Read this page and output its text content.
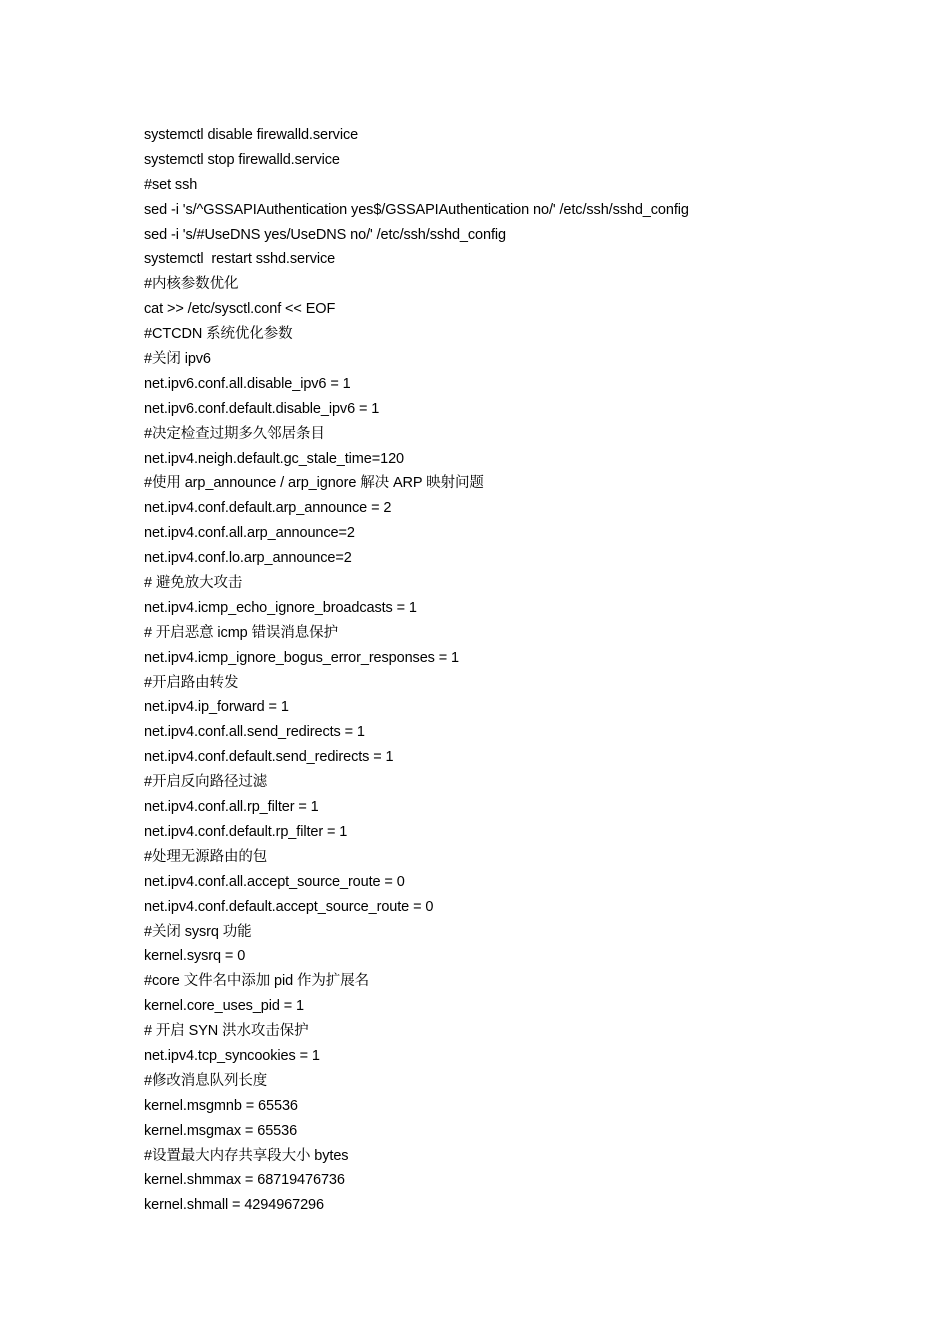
systemctl disable firewalld.service
systemctl stop firewalld.service
#set ssh
sed -i 's/^GSSAPIAuthentication yes$/GSSAPIAuthentication no/' /etc/ssh/sshd_config
sed -i 's/#UseDNS yes/UseDNS no/' /etc/ssh/sshd_config
systemctl  restart sshd.service
#内核参数优化
cat >> /etc/sysctl.conf << EOF
#CTCDN 系统优化参数
#关闭 ipv6
net.ipv6.conf.all.disable_ipv6 = 1
net.ipv6.conf.default.disable_ipv6 = 1
#决定检查过期多久邻居条目
net.ipv4.neigh.default.gc_stale_time=120
#使用 arp_announce / arp_ignore 解决 ARP 映射问题
net.ipv4.conf.default.arp_announce = 2
net.ipv4.conf.all.arp_announce=2
net.ipv4.conf.lo.arp_announce=2
# 避免放大攻击
net.ipv4.icmp_echo_ignore_broadcasts = 1
# 开启恶意 icmp 错误消息保护
net.ipv4.icmp_ignore_bogus_error_responses = 1
#开启路由转发
net.ipv4.ip_forward = 1
net.ipv4.conf.all.send_redirects = 1
net.ipv4.conf.default.send_redirects = 1
#开启反向路径过滤
net.ipv4.conf.all.rp_filter = 1
net.ipv4.conf.default.rp_filter = 1
#处理无源路由的包
net.ipv4.conf.all.accept_source_route = 0
net.ipv4.conf.default.accept_source_route = 0
#关闭 sysrq 功能
kernel.sysrq = 0
#core 文件名中添加 pid 作为扩展名
kernel.core_uses_pid = 1
# 开启 SYN 洪水攻击保护
net.ipv4.tcp_syncookies = 1
#修改消息队列长度
kernel.msgmnb = 65536
kernel.msgmax = 65536
#设置最大内存共享段大小 bytes
kernel.shmmax = 68719476736
kernel.shmall = 4294967296
